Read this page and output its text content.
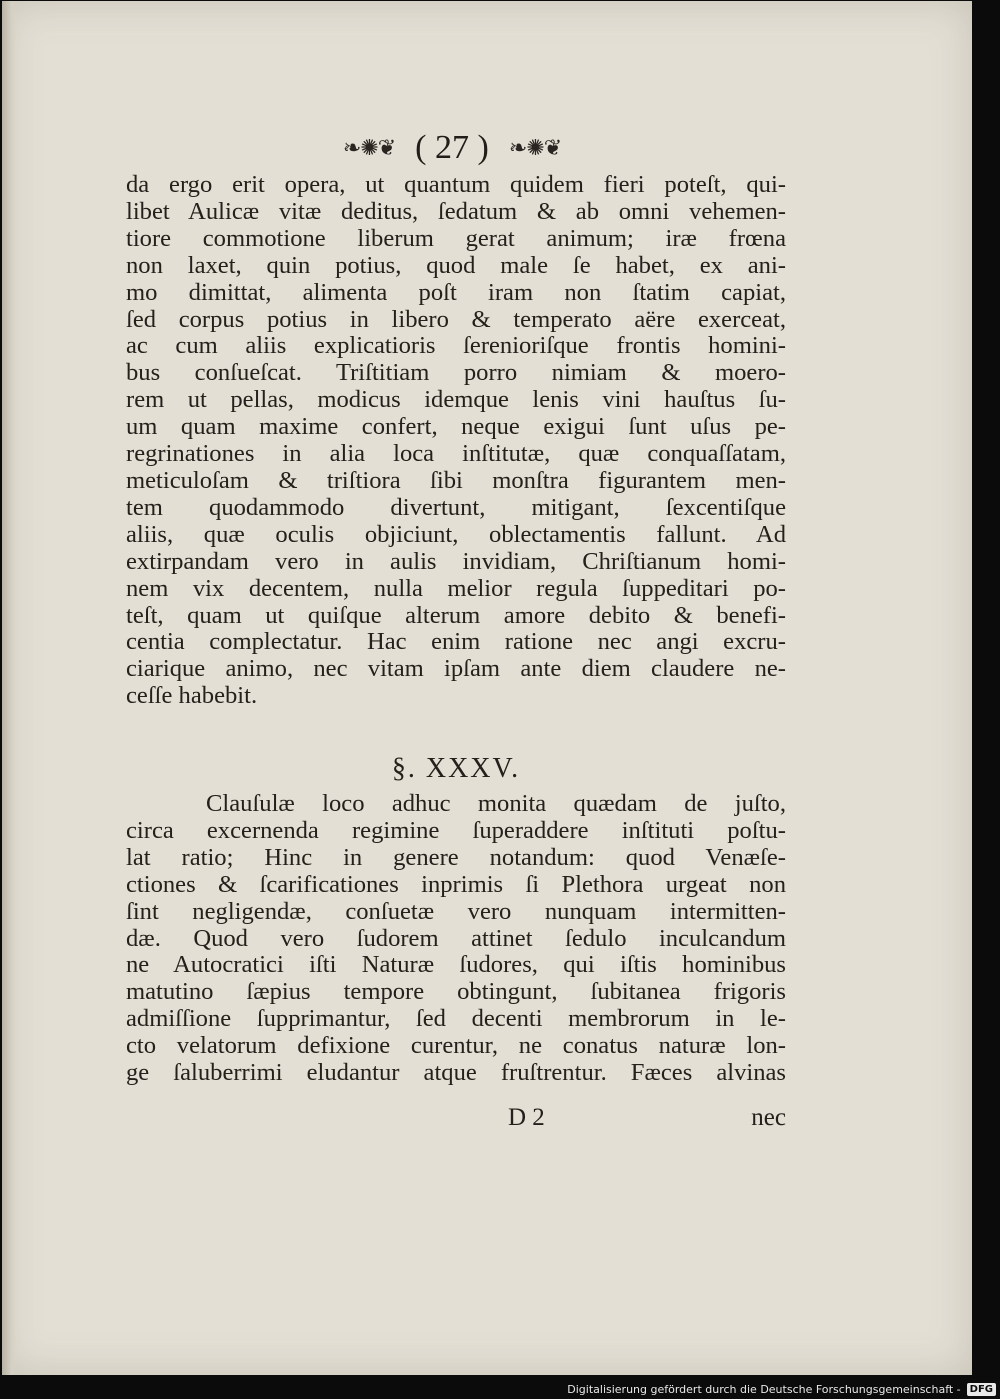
❧✺❦ ( 27 ) ❧✺❦
da ergo erit opera, ut quantum quidem fieri poteſt, qui-
libet Aulicæ vitæ deditus, ſedatum & ab omni vehemen-
tiore commotione liberum gerat animum; iræ frœna
non laxet, quin potius, quod male ſe habet, ex ani-
mo dimittat, alimenta poſt iram non ſtatim capiat,
ſed corpus potius in libero & temperato aëre exerceat,
ac cum aliis explicatioris ſerenioriſque frontis homini-
bus conſueſcat. Triſtitiam porro nimiam & moero-
rem ut pellas, modicus idemque lenis vini hauſtus ſu-
um quam maxime confert, neque exigui ſunt uſus pe-
regrinationes in alia loca inſtitutæ, quæ conquaſſatam,
meticuloſam & triſtiora ſibi monſtra figurantem men-
tem quodammodo divertunt, mitigant, ſexcentiſque
aliis, quæ oculis objiciunt, oblectamentis fallunt. Ad
extirpandam vero in aulis invidiam, Chriſtianum homi-
nem vix decentem, nulla melior regula ſuppeditari po-
teſt, quam ut quiſque alterum amore debito & benefi-
centia complectatur. Hac enim ratione nec angi excru-
ciarique animo, nec vitam ipſam ante diem claudere ne-
ceſſe habebit.
§. XXXV.
Clauſulæ loco adhuc monita quædam de juſto,
circa excernenda regimine ſuperaddere inſtituti poſtu-
lat ratio; Hinc in genere notandum: quod Venæſe-
ctiones & ſcarificationes inprimis ſi Plethora urgeat non
ſint negligendæ, conſuetæ vero nunquam intermitten-
dæ. Quod vero ſudorem attinet ſedulo inculcandum
ne Autocratici iſti Naturæ ſudores, qui iſtis hominibus
matutino ſæpius tempore obtingunt, ſubitanea frigoris
admiſſione ſupprimantur, ſed decenti membrorum in le-
cto velatorum defixione curentur, ne conatus naturæ lon-
ge ſaluberrimi eludantur atque fruſtrentur. Fæces alvinas
D 2	nec
Digitalisierung gefördert durch die Deutsche Forschungsgemeinschaft - DFG
